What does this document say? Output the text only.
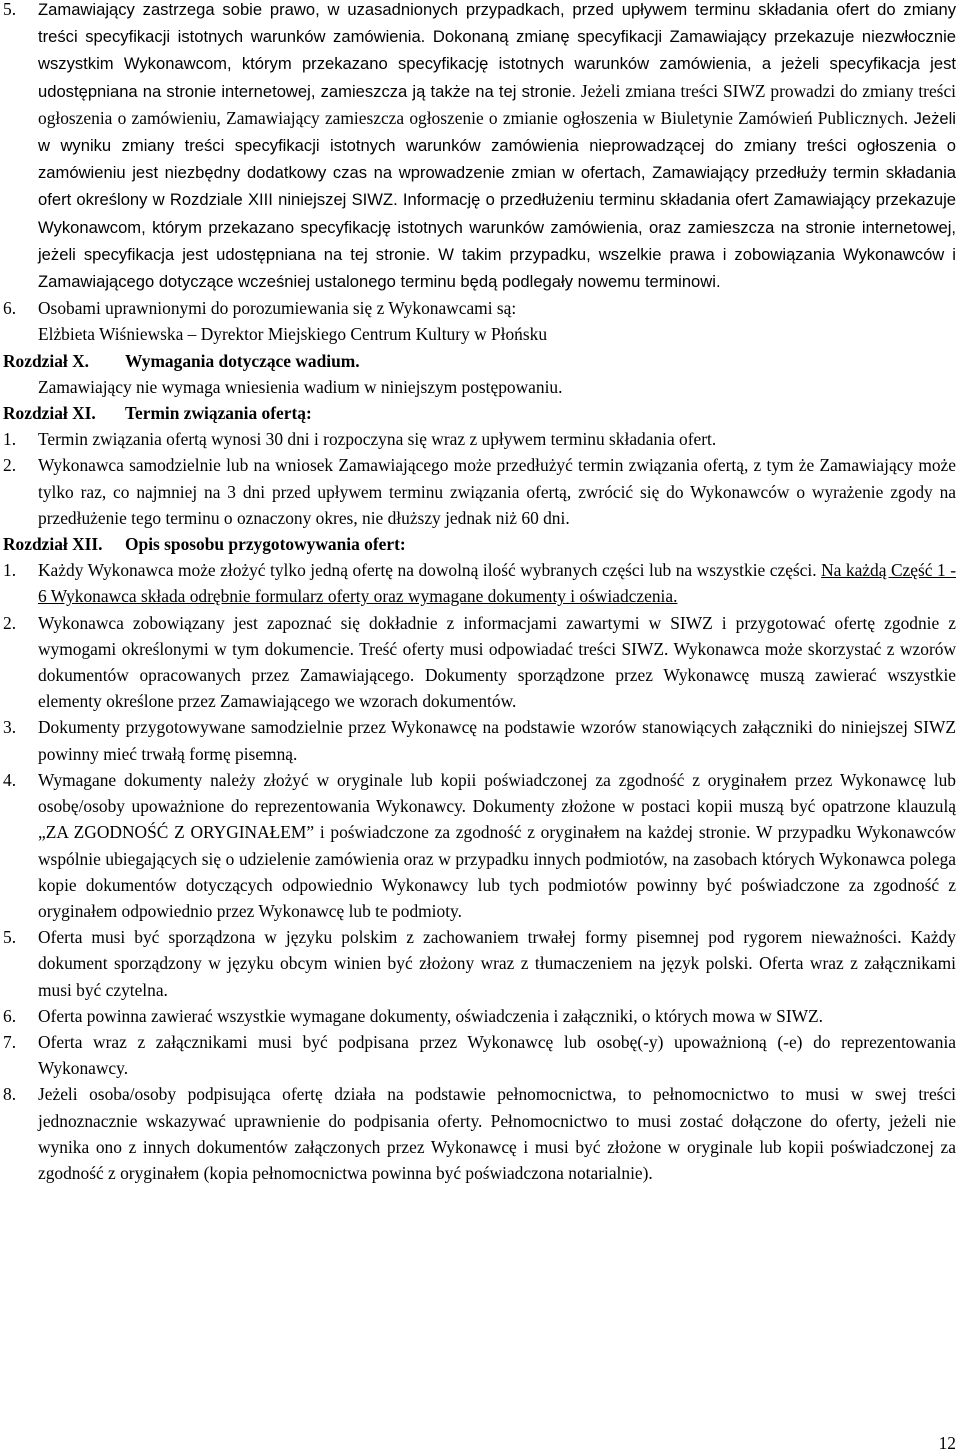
5. Zamawiający zastrzega sobie prawo, w uzasadnionych przypadkach, przed upływem terminu składania ofert do zmiany treści specyfikacji istotnych warunków zamówienia. Dokonaną zmianę specyfikacji Zamawiający przekazuje niezwłocznie wszystkim Wykonawcom, którym przekazano specyfikację istotnych warunków zamówienia, a jeżeli specyfikacja jest udostępniana na stronie internetowej, zamieszcza ją także na tej stronie. Jeżeli zmiana treści SIWZ prowadzi do zmiany treści ogłoszenia o zamówieniu, Zamawiający zamieszcza ogłoszenie o zmianie ogłoszenia w Biuletynie Zamówień Publicznych. Jeżeli w wyniku zmiany treści specyfikacji istotnych warunków zamówienia nieprowadzącej do zmiany treści ogłoszenia o zamówieniu jest niezbędny dodatkowy czas na wprowadzenie zmian w ofertach, Zamawiający przedłuży termin składania ofert określony w Rozdziale XIII niniejszej SIWZ. Informację o przedłużeniu terminu składania ofert Zamawiający przekazuje Wykonawcom, którym przekazano specyfikację istotnych warunków zamówienia, oraz zamieszcza na stronie internetowej, jeżeli specyfikacja jest udostępniana na tej stronie. W takim przypadku, wszelkie prawa i zobowiązania Wykonawców i Zamawiającego dotyczące wcześniej ustalonego terminu będą podlegały nowemu terminowi.
6. Osobami uprawnionymi do porozumiewania się z Wykonawcami są:
Elżbieta Wiśniewska – Dyrektor Miejskiego Centrum Kultury w Płońsku
Rozdział X. Wymagania dotyczące wadium.
Zamawiający nie wymaga wniesienia wadium w niniejszym postępowaniu.
Rozdział XI. Termin związania ofertą:
1. Termin związania ofertą wynosi 30 dni i rozpoczyna się wraz z upływem terminu składania ofert.
2. Wykonawca samodzielnie lub na wniosek Zamawiającego może przedłużyć termin związania ofertą, z tym że Zamawiający może tylko raz, co najmniej na 3 dni przed upływem terminu związania ofertą, zwrócić się do Wykonawców o wyrażenie zgody na przedłużenie tego terminu o oznaczony okres, nie dłuższy jednak niż 60 dni.
Rozdział XII. Opis sposobu przygotowywania ofert:
1. Każdy Wykonawca może złożyć tylko jedną ofertę na dowolną ilość wybranych części lub na wszystkie części. Na każdą Część 1 - 6 Wykonawca składa odrębnie formularz oferty oraz wymagane dokumenty i oświadczenia.
2. Wykonawca zobowiązany jest zapoznać się dokładnie z informacjami zawartymi w SIWZ i przygotować ofertę zgodnie z wymogami określonymi w tym dokumencie. Treść oferty musi odpowiadać treści SIWZ. Wykonawca może skorzystać z wzorów dokumentów opracowanych przez Zamawiającego. Dokumenty sporządzone przez Wykonawcę muszą zawierać wszystkie elementy określone przez Zamawiającego we wzorach dokumentów.
3. Dokumenty przygotowywane samodzielnie przez Wykonawcę na podstawie wzorów stanowiących załączniki do niniejszej SIWZ powinny mieć trwałą formę pisemną.
4. Wymagane dokumenty należy złożyć w oryginale lub kopii poświadczonej za zgodność z oryginałem przez Wykonawcę lub osobę/osoby upoważnione do reprezentowania Wykonawcy. Dokumenty złożone w postaci kopii muszą być opatrzone klauzulą „ZA ZGODNOŚĆ Z ORYGINAŁEM” i poświadczone za zgodność z oryginałem na każdej stronie. W przypadku Wykonawców wspólnie ubiegających się o udzielenie zamówienia oraz w przypadku innych podmiotów, na zasobach których Wykonawca polega kopie dokumentów dotyczących odpowiednio Wykonawcy lub tych podmiotów powinny być poświadczone za zgodność z oryginałem odpowiednio przez Wykonawcę lub te podmioty.
5. Oferta musi być sporządzona w języku polskim z zachowaniem trwałej formy pisemnej pod rygorem nieważności. Każdy dokument sporządzony w języku obcym winien być złożony wraz z tłumaczeniem na język polski. Oferta wraz z załącznikami musi być czytelna.
6. Oferta powinna zawierać wszystkie wymagane dokumenty, oświadczenia i załączniki, o których mowa w SIWZ.
7. Oferta wraz z załącznikami musi być podpisana przez Wykonawcę lub osobę(-y) upoważnioną (-e) do reprezentowania Wykonawcy.
8. Jeżeli osoba/osoby podpisująca ofertę działa na podstawie pełnomocnictwa, to pełnomocnictwo to musi w swej treści jednoznacznie wskazywać uprawnienie do podpisania oferty. Pełnomocnictwo to musi zostać dołączone do oferty, jeżeli nie wynika ono z innych dokumentów załączonych przez Wykonawcę i musi być złożone w oryginale lub kopii poświadczonej za zgodność z oryginałem (kopia pełnomocnictwa powinna być poświadczona notarialnie).
12
